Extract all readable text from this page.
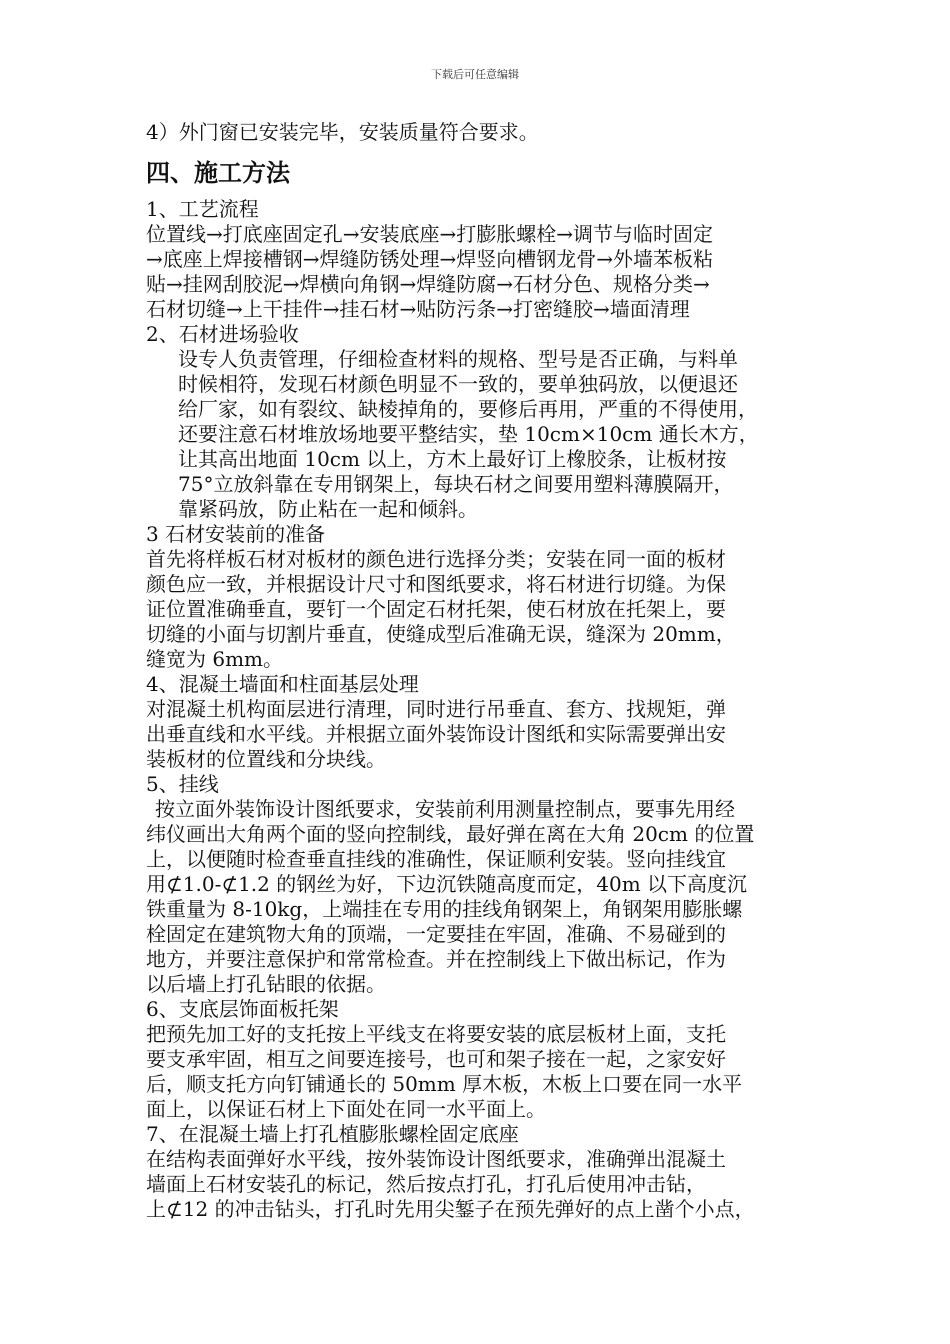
下载后可任意编辑
4）外门窗已安装完毕，安装质量符合要求。
四、施工方法
1、工艺流程
位置线→打底座固定孔→安装底座→打膨胀螺栓→调节与临时固定
→底座上焊接槽钢→焊缝防锈处理→焊竖向槽钢龙骨→外墙苯板粘
贴→挂网刮胶泥→焊横向角钢→焊缝防腐→石材分色、规格分类→
石材切缝→上干挂件→挂石材→贴防污条→打密缝胶→墙面清理
2、石材进场验收
设专人负责管理，仔细检查材料的规格、型号是否正确，与料单
时候相符，发现石材颜色明显不一致的，要单独码放，以便退还
给厂家，如有裂纹、缺棱掉角的，要修后再用，严重的不得使用，
还要注意石材堆放场地要平整结实，垫 10cm×10cm 通长木方，
让其高出地面 10cm 以上，方木上最好订上橡胶条，让板材按
75°立放斜靠在专用钢架上，每块石材之间要用塑料薄膜隔开，
靠紧码放，防止粘在一起和倾斜。
3 石材安装前的准备
首先将样板石材对板材的颜色进行选择分类；安装在同一面的板材
颜色应一致，并根据设计尺寸和图纸要求，将石材进行切缝。为保
证位置准确垂直，要钉一个固定石材托架，使石材放在托架上，要
切缝的小面与切割片垂直，使缝成型后准确无误，缝深为 20mm，
缝宽为 6mm。
4、混凝土墙面和柱面基层处理
对混凝土机构面层进行清理，同时进行吊垂直、套方、找规矩，弹
出垂直线和水平线。并根据立面外装饰设计图纸和实际需要弹出安
装板材的位置线和分块线。
5、挂线
按立面外装饰设计图纸要求，安装前利用测量控制点，要事先用经
纬仪画出大角两个面的竖向控制线，最好弹在离在大角 20cm 的位置
上，以便随时检查垂直挂线的准确性，保证顺利安装。竖向挂线宜
用⊄1.0-⊄1.2 的钢丝为好，下边沉铁随高度而定，40m 以下高度沉
铁重量为 8-10kg，上端挂在专用的挂线角钢架上，角钢架用膨胀螺
栓固定在建筑物大角的顶端，一定要挂在牢固，准确、不易碰到的
地方，并要注意保护和常常检查。并在控制线上下做出标记，作为
以后墙上打孔钻眼的依据。
6、支底层饰面板托架
把预先加工好的支托按上平线支在将要安装的底层板材上面，支托
要支承牢固，相互之间要连接号，也可和架子接在一起，之家安好
后，顺支托方向钉铺通长的 50mm 厚木板，木板上口要在同一水平
面上，以保证石材上下面处在同一水平面上。
7、在混凝土墙上打孔植膨胀螺栓固定底座
在结构表面弹好水平线，按外装饰设计图纸要求，准确弹出混凝土
墙面上石材安装孔的标记，然后按点打孔，打孔后使用冲击钻，
上⊄12 的冲击钻头，打孔时先用尖錾子在预先弹好的点上凿个小点，
